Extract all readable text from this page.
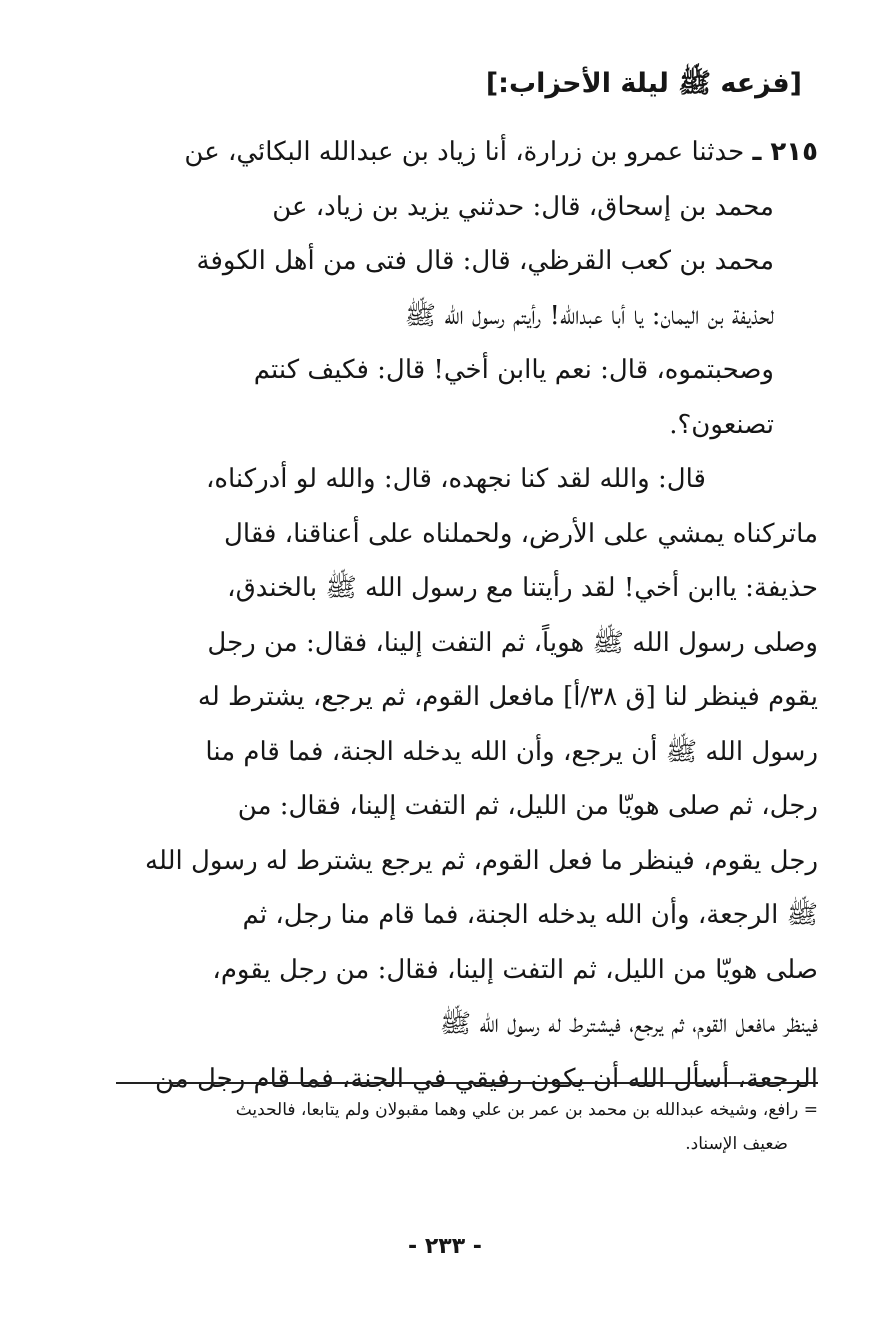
[فزعه ﷺ ليلة الأحزاب:]
٢١٥ ـ حدثنا عمرو بن زرارة، أنا زياد بن عبدالله البكائي، عن
محمد بن إسحاق، قال: حدثني يزيد بن زياد، عن
محمد بن كعب القرظي، قال: قال فتى من أهل الكوفة
لحذيفة بن اليمان: يا أبا عبدالله! رأيتم رسول الله ﷺ
وصحبتموه، قال: نعم ياابن أخي! قال: فكيف كنتم
تصنعون؟.
قال: والله لقد كنا نجهده، قال: والله لو أدركناه،
ماتركناه يمشي على الأرض، ولحملناه على أعناقنا، فقال
حذيفة: ياابن أخي! لقد رأيتنا مع رسول الله ﷺ بالخندق،
وصلى رسول الله ﷺ هوياً، ثم التفت إلينا، فقال: من رجل
يقوم فينظر لنا [ق ٣٨/أ] مافعل القوم، ثم يرجع، يشترط له
رسول الله ﷺ أن يرجع، وأن الله يدخله الجنة، فما قام منا
رجل، ثم صلى هويّا من الليل، ثم التفت إلينا، فقال: من
رجل يقوم، فينظر ما فعل القوم، ثم يرجع يشترط له رسول الله
ﷺ الرجعة، وأن الله يدخله الجنة، فما قام منا رجل، ثم
صلى هويّا من الليل، ثم التفت إلينا، فقال: من رجل يقوم،
فينظر مافعل القوم، ثم يرجع، فيشترط له رسول الله ﷺ
الرجعة، أسأل الله أن يكون رفيقي في الجنة، فما قام رجل من
= رافع، وشيخه عبدالله بن محمد بن عمر بن علي وهما مقبولان ولم يتابعا، فالحديث
ضعيف الإسناد.
- ٢٣٣ -
